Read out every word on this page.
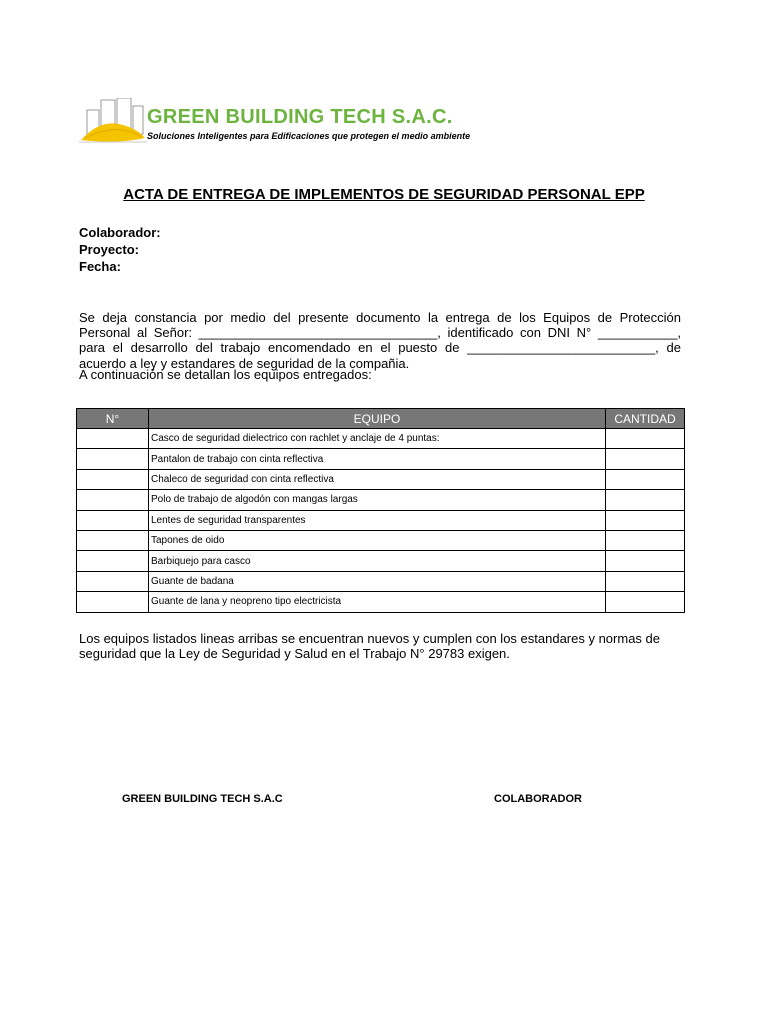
GREEN BUILDING TECH S.A.C.
Soluciones Inteligentes para Edificaciones que protegen el medio ambiente
ACTA DE ENTREGA DE IMPLEMENTOS DE SEGURIDAD PERSONAL EPP
Colaborador:
Proyecto:
Fecha:

Se deja constancia por medio del presente documento la entrega de los Equipos de Protección Personal al Señor: _________________________________, identificado con DNI N° ___________, para el desarrollo del trabajo encomendado en el puesto de __________________________, de acuerdo a ley y estandares de seguridad de la compañia.

A continuación se detallan los equipos entregados:
N°	EQUIPO	CANTIDAD
	Casco de seguridad dielectrico con rachlet y anclaje de 4 puntas:	
	Pantalon de trabajo con cinta reflectiva	
	Chaleco de seguridad con cinta reflectiva	
	Polo de trabajo de algodón con mangas largas	
	Lentes de seguridad transparentes	
	Tapones de oido	
	Barbiquejo para casco	
	Guante de badana	
	Guante de lana y neopreno tipo electricista	

Los equipos listados lineas arribas se encuentran nuevos y cumplen con los estandares y normas de seguridad que la Ley de Seguridad y Salud en el Trabajo N° 29783 exigen.

GREEN BUILDING TECH S.A.C	COLABORADOR
